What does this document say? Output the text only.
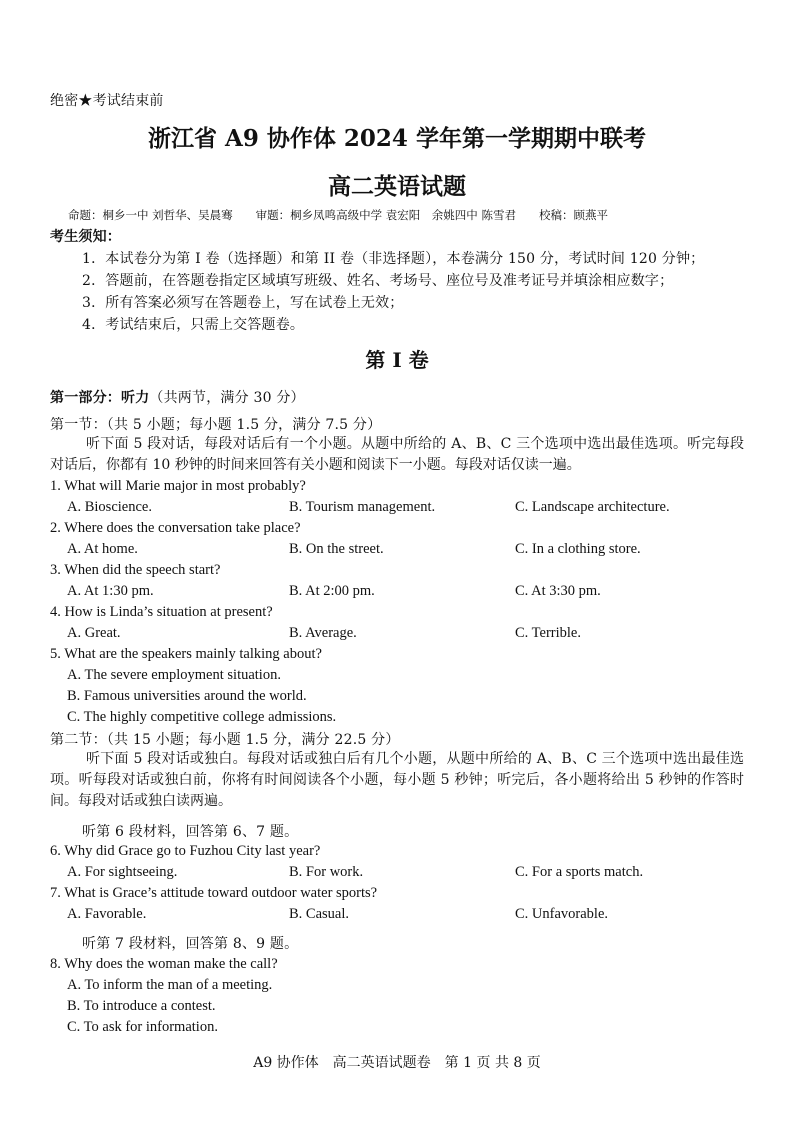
绝密★考试结束前
浙江省 A9 协作体 2024 学年第一学期期中联考
高二英语试题
命题：桐乡一中 刘哲华、吴晨骞　　审题：桐乡凤鸣高级中学 袁宏阳　余姚四中 陈雪君　　校稿：顾燕平
考生须知：
1．本试卷分为第 I 卷（选择题）和第 II 卷（非选择题），本卷满分 150 分，考试时间 120 分钟；
2．答题前，在答题卷指定区域填写班级、姓名、考场号、座位号及准考证号并填涂相应数字；
3．所有答案必须写在答题卷上，写在试卷上无效；
4．考试结束后，只需上交答题卷。
第 I 卷
第一部分：听力（共两节，满分 30 分）
第一节：（共 5 小题；每小题 1.5 分，满分 7.5 分）
听下面 5 段对话，每段对话后有一个小题。从题中所给的 A、B、C 三个选项中选出最佳选项。听完每段对话后，你都有 10 秒钟的时间来回答有关小题和阅读下一小题。每段对话仅读一遍。
1. What will Marie major in most probably?
A. Bioscience.	B. Tourism management.	C. Landscape architecture.
2. Where does the conversation take place?
A. At home.	B. On the street.	C. In a clothing store.
3. When did the speech start?
A. At 1:30 pm.	B. At 2:00 pm.	C. At 3:30 pm.
4. How is Linda’s situation at present?
A. Great.	B. Average.	C. Terrible.
5. What are the speakers mainly talking about?
A. The severe employment situation.
B. Famous universities around the world.
C. The highly competitive college admissions.
第二节：（共 15 小题；每小题 1.5 分，满分 22.5 分）
听下面 5 段对话或独白。每段对话或独白后有几个小题，从题中所给的 A、B、C 三个选项中选出最佳选项。听每段对话或独白前，你将有时间阅读各个小题，每小题 5 秒钟；听完后，各小题将给出 5 秒钟的作答时间。每段对话或独白读两遍。
听第 6 段材料，回答第 6、7 题。
6. Why did Grace go to Fuzhou City last year?
A. For sightseeing.	B. For work.	C. For a sports match.
7. What is Grace’s attitude toward outdoor water sports?
A. Favorable.	B. Casual.	C. Unfavorable.
听第 7 段材料，回答第 8、9 题。
8. Why does the woman make the call?
A. To inform the man of a meeting.
B. To introduce a contest.
C. To ask for information.
A9 协作体　高二英语试题卷　第 1 页 共 8 页
